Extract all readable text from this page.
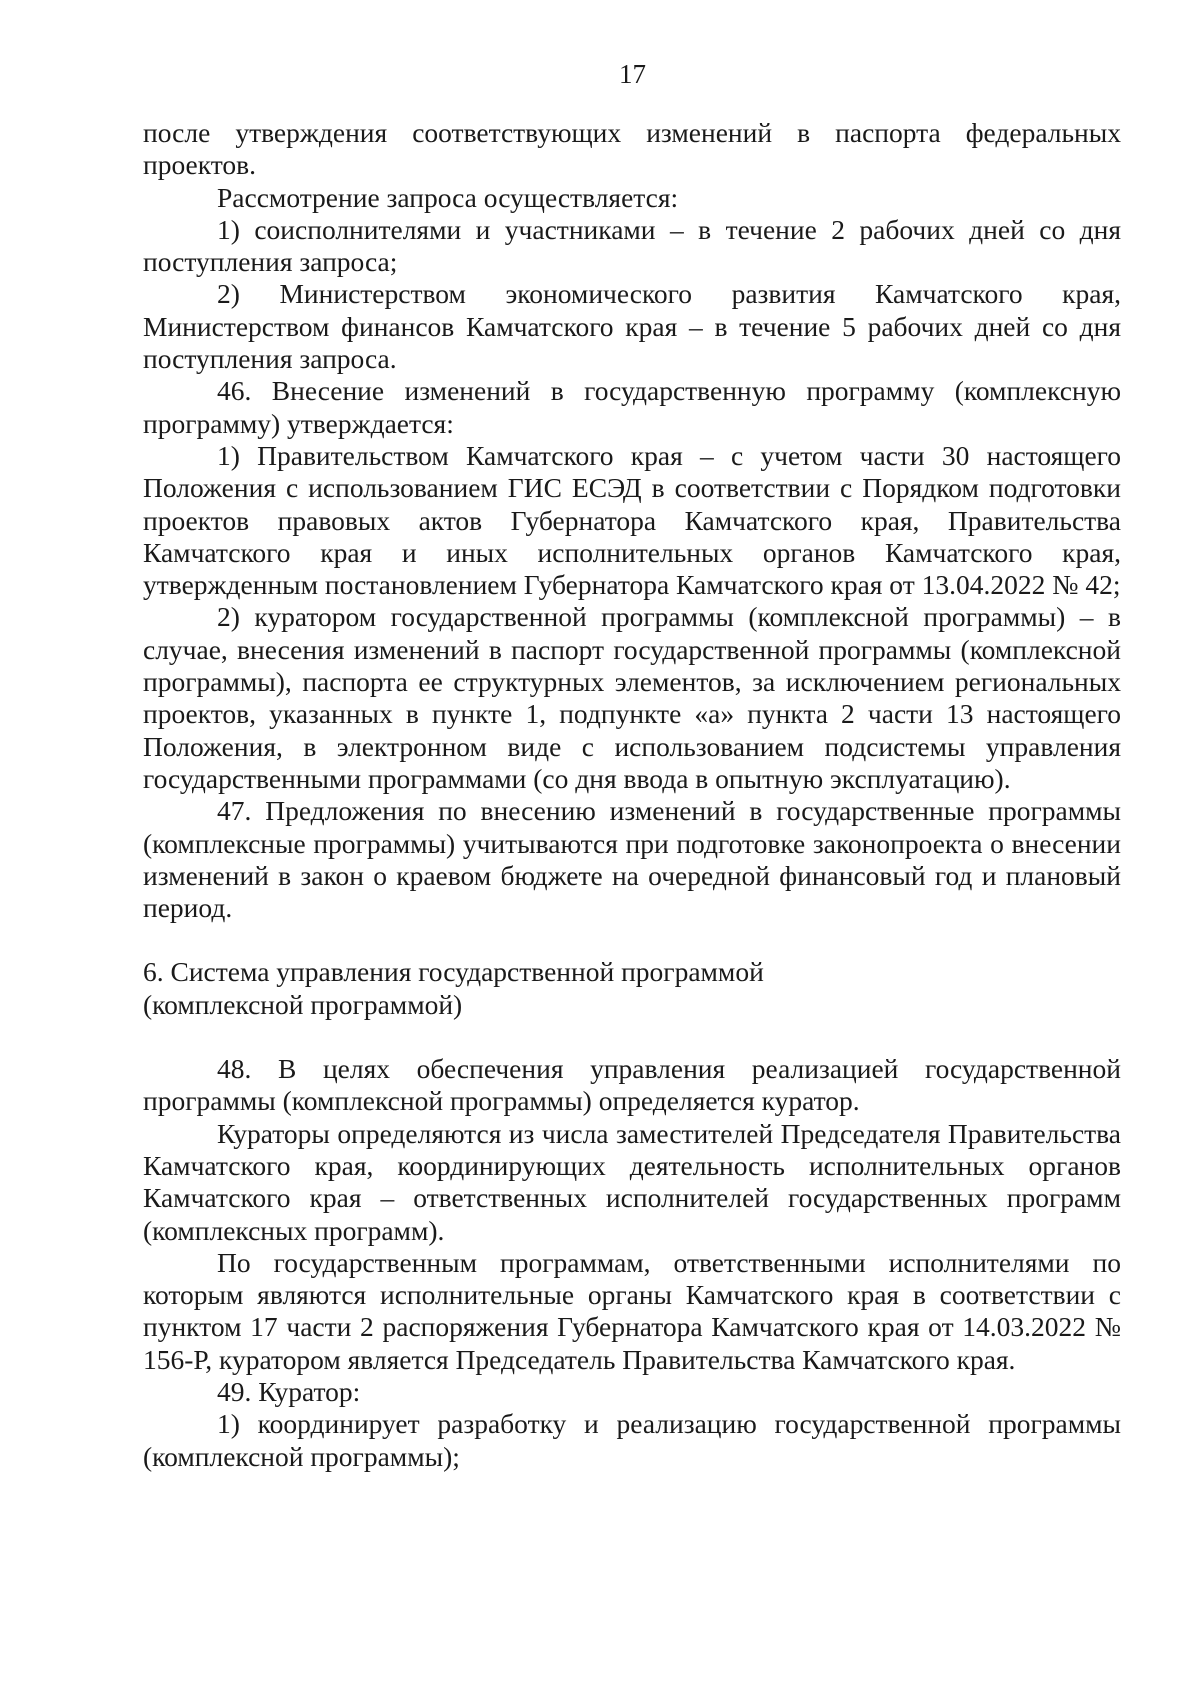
17

после утверждения соответствующих изменений в паспорта федеральных проектов.

Рассмотрение запроса осуществляется:

1) соисполнителями и участниками – в течение 2 рабочих дней со дня поступления запроса;

2) Министерством экономического развития Камчатского края, Министерством финансов Камчатского края – в течение 5 рабочих дней со дня поступления запроса.

46. Внесение изменений в государственную программу (комплексную программу) утверждается:

1) Правительством Камчатского края – с учетом части 30 настоящего Положения с использованием ГИС ЕСЭД в соответствии с Порядком подготовки проектов правовых актов Губернатора Камчатского края, Правительства Камчатского края и иных исполнительных органов Камчатского края, утвержденным постановлением Губернатора Камчатского края от 13.04.2022 № 42;

2) куратором государственной программы (комплексной программы) – в случае, внесения изменений в паспорт государственной программы (комплексной программы), паспорта ее структурных элементов, за исключением региональных проектов, указанных в пункте 1, подпункте «а» пункта 2 части 13 настоящего Положения, в электронном виде с использованием подсистемы управления государственными программами (со дня ввода в опытную эксплуатацию).

47. Предложения по внесению изменений в государственные программы (комплексные программы) учитываются при подготовке законопроекта о внесении изменений в закон о краевом бюджете на очередной финансовый год и плановый период.

6. Система управления государственной программой
(комплексной программой)

48. В целях обеспечения управления реализацией государственной программы (комплексной программы) определяется куратор.

Кураторы определяются из числа заместителей Председателя Правительства Камчатского края, координирующих деятельность исполнительных органов Камчатского края – ответственных исполнителей государственных программ (комплексных программ).

По государственным программам, ответственными исполнителями по которым являются исполнительные органы Камчатского края в соответствии с пунктом 17 части 2 распоряжения Губернатора Камчатского края от 14.03.2022 № 156-Р, куратором является Председатель Правительства Камчатского края.

49. Куратор:

1) координирует разработку и реализацию государственной программы (комплексной программы);
